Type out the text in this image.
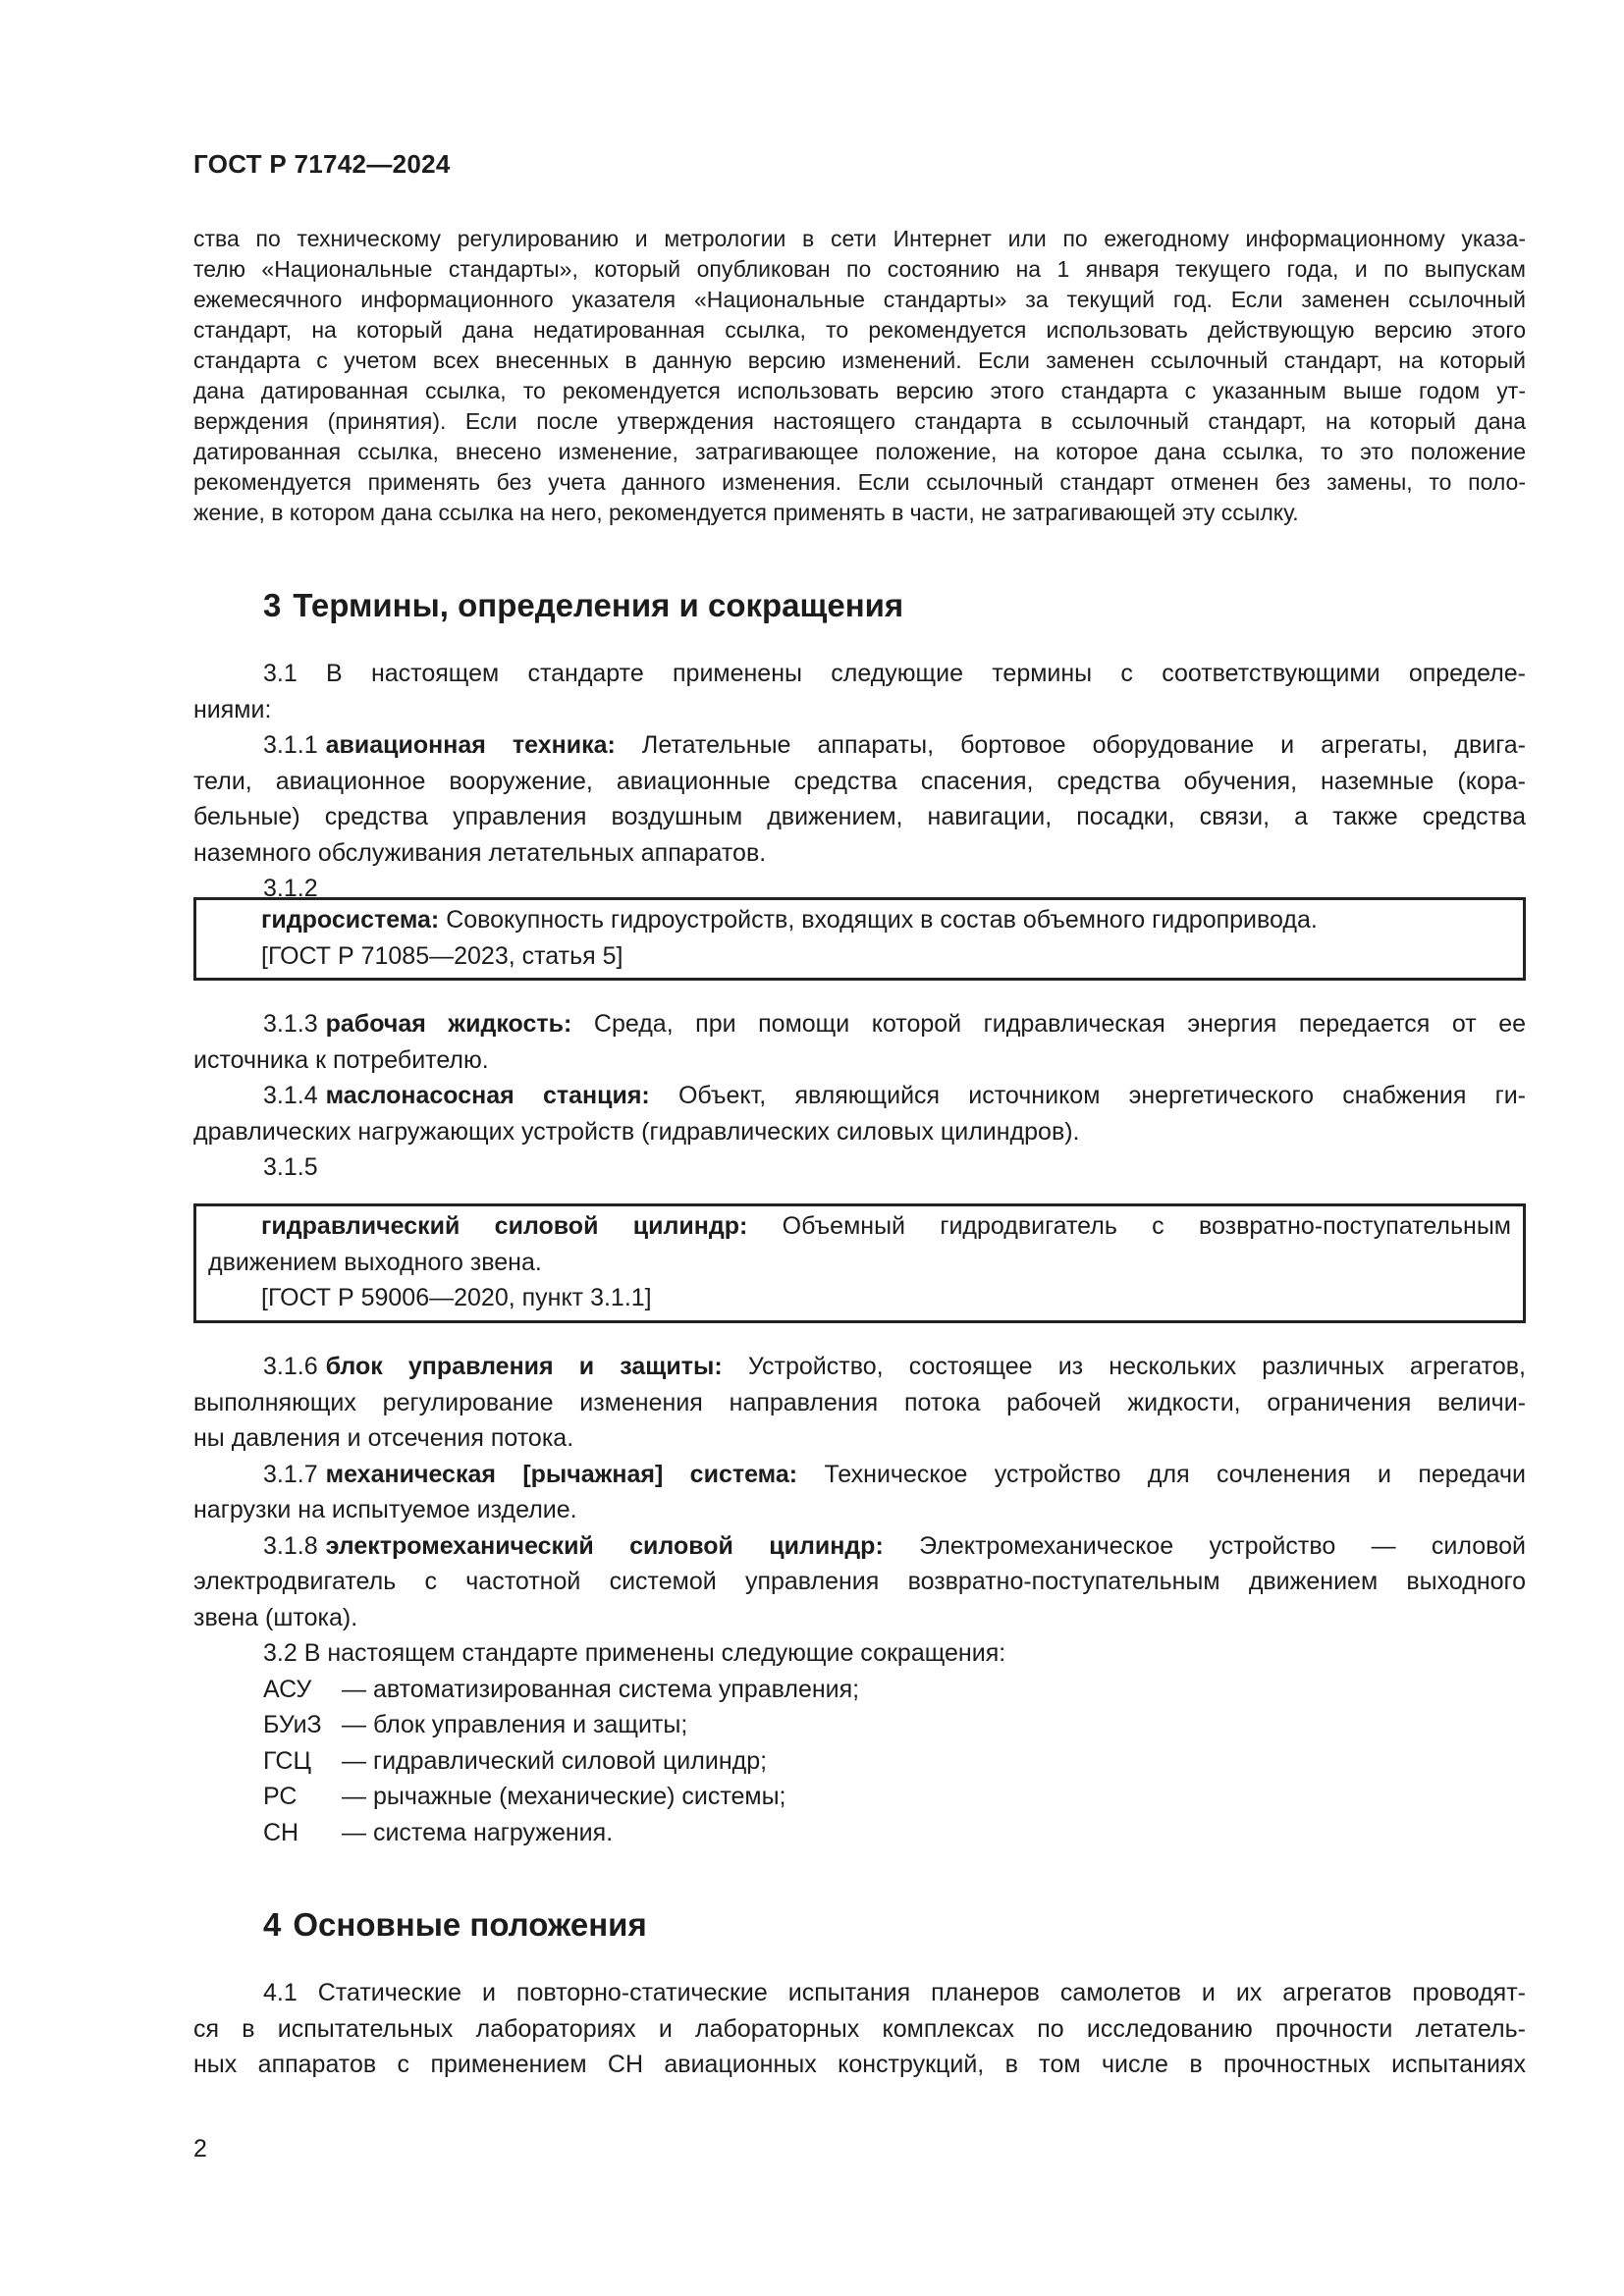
ГОСТ Р 71742—2024
ства по техническому регулированию и метрологии в сети Интернет или по ежегодному информационному указа-
телю «Национальные стандарты», который опубликован по состоянию на 1 января текущего года, и по выпускам
ежемесячного информационного указателя «Национальные стандарты» за текущий год. Если заменен ссылочный
стандарт, на который дана недатированная ссылка, то рекомендуется использовать действующую версию этого
стандарта с учетом всех внесенных в данную версию изменений. Если заменен ссылочный стандарт, на который
дана датированная ссылка, то рекомендуется использовать версию этого стандарта с указанным выше годом ут-
верждения (принятия). Если после утверждения настоящего стандарта в ссылочный стандарт, на который дана
датированная ссылка, внесено изменение, затрагивающее положение, на которое дана ссылка, то это положение
рекомендуется применять без учета данного изменения. Если ссылочный стандарт отменен без замены, то поло-
жение, в котором дана ссылка на него, рекомендуется применять в части, не затрагивающей эту ссылку.
3 Термины, определения и сокращения
3.1 В настоящем стандарте применены следующие термины с соответствующими определе-
ниями:
3.1.1 авиационная техника: Летательные аппараты, бортовое оборудование и агрегаты, двига-
тели, авиационное вооружение, авиационные средства спасения, средства обучения, наземные (кора-
бельные) средства управления воздушным движением, навигации, посадки, связи, а также средства
наземного обслуживания летательных аппаратов.
3.1.2
гидросистема: Совокупность гидроустройств, входящих в состав объемного гидропривода.
[ГОСТ Р 71085—2023, статья 5]
3.1.3 рабочая жидкость: Среда, при помощи которой гидравлическая энергия передается от ее
источника к потребителю.
3.1.4 маслонасосная станция: Объект, являющийся источником энергетического снабжения ги-
дравлических нагружающих устройств (гидравлических силовых цилиндров).
3.1.5
гидравлический силовой цилиндр: Объемный гидродвигатель с возвратно-поступательным
движением выходного звена.
[ГОСТ Р 59006—2020, пункт 3.1.1]
3.1.6 блок управления и защиты: Устройство, состоящее из нескольких различных агрегатов,
выполняющих регулирование изменения направления потока рабочей жидкости, ограничения величи-
ны давления и отсечения потока.
3.1.7 механическая [рычажная] система: Техническое устройство для сочленения и передачи
нагрузки на испытуемое изделие.
3.1.8 электромеханический силовой цилиндр: Электромеханическое устройство — силовой
электродвигатель с частотной системой управления возвратно-поступательным движением выходного
звена (штока).
3.2 В настоящем стандарте применены следующие сокращения:
АСУ — автоматизированная система управления;
БУиЗ — блок управления и защиты;
ГСЦ — гидравлический силовой цилиндр;
РС — рычажные (механические) системы;
СН — система нагружения.
4 Основные положения
4.1 Статические и повторно-статические испытания планеров самолетов и их агрегатов проводят-
ся в испытательных лабораториях и лабораторных комплексах по исследованию прочности летатель-
ных аппаратов с применением СН авиационных конструкций, в том числе в прочностных испытаниях
2
